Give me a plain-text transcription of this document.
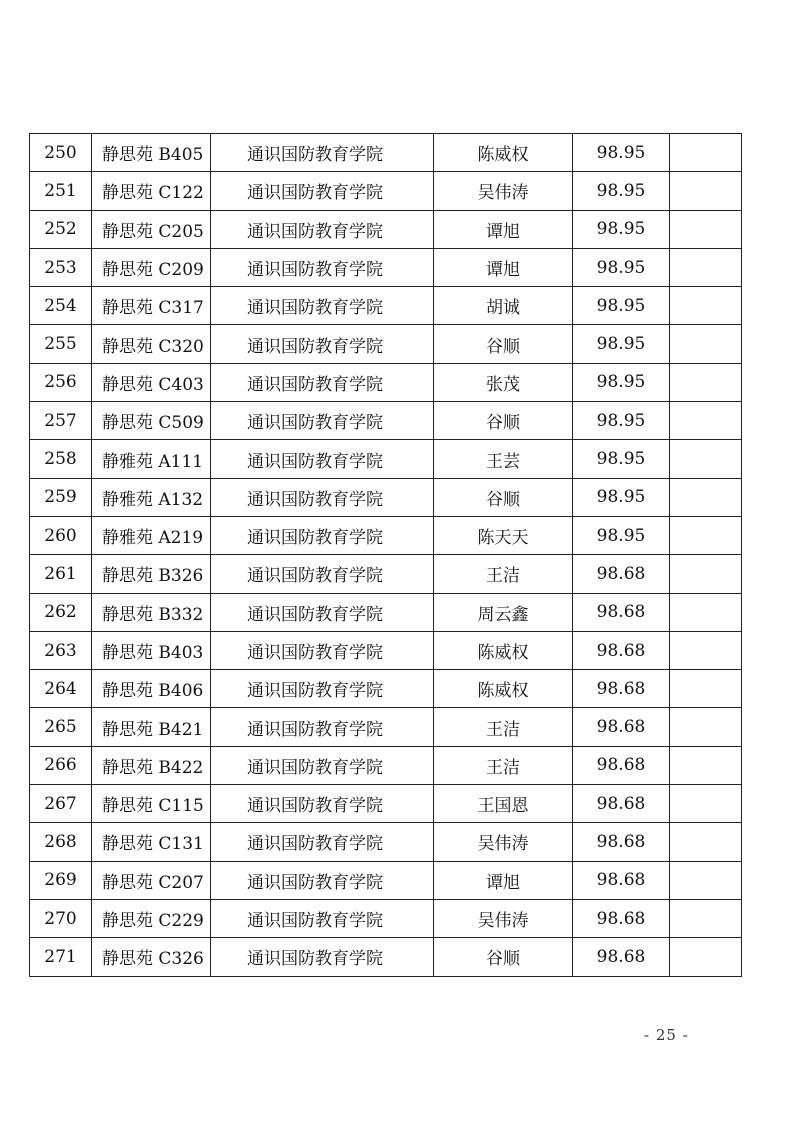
250	静思苑 B405	通识国防教育学院	陈威权	98.95	
251	静思苑 C122	通识国防教育学院	吴伟涛	98.95	
252	静思苑 C205	通识国防教育学院	谭旭	98.95	
253	静思苑 C209	通识国防教育学院	谭旭	98.95	
254	静思苑 C317	通识国防教育学院	胡诚	98.95	
255	静思苑 C320	通识国防教育学院	谷顺	98.95	
256	静思苑 C403	通识国防教育学院	张茂	98.95	
257	静思苑 C509	通识国防教育学院	谷顺	98.95	
258	静雅苑 A111	通识国防教育学院	王芸	98.95	
259	静雅苑 A132	通识国防教育学院	谷顺	98.95	
260	静雅苑 A219	通识国防教育学院	陈天天	98.95	
261	静思苑 B326	通识国防教育学院	王洁	98.68	
262	静思苑 B332	通识国防教育学院	周云鑫	98.68	
263	静思苑 B403	通识国防教育学院	陈威权	98.68	
264	静思苑 B406	通识国防教育学院	陈威权	98.68	
265	静思苑 B421	通识国防教育学院	王洁	98.68	
266	静思苑 B422	通识国防教育学院	王洁	98.68	
267	静思苑 C115	通识国防教育学院	王国恩	98.68	
268	静思苑 C131	通识国防教育学院	吴伟涛	98.68	
269	静思苑 C207	通识国防教育学院	谭旭	98.68	
270	静思苑 C229	通识国防教育学院	吴伟涛	98.68	
271	静思苑 C326	通识国防教育学院	谷顺	98.68	
- 25 -
